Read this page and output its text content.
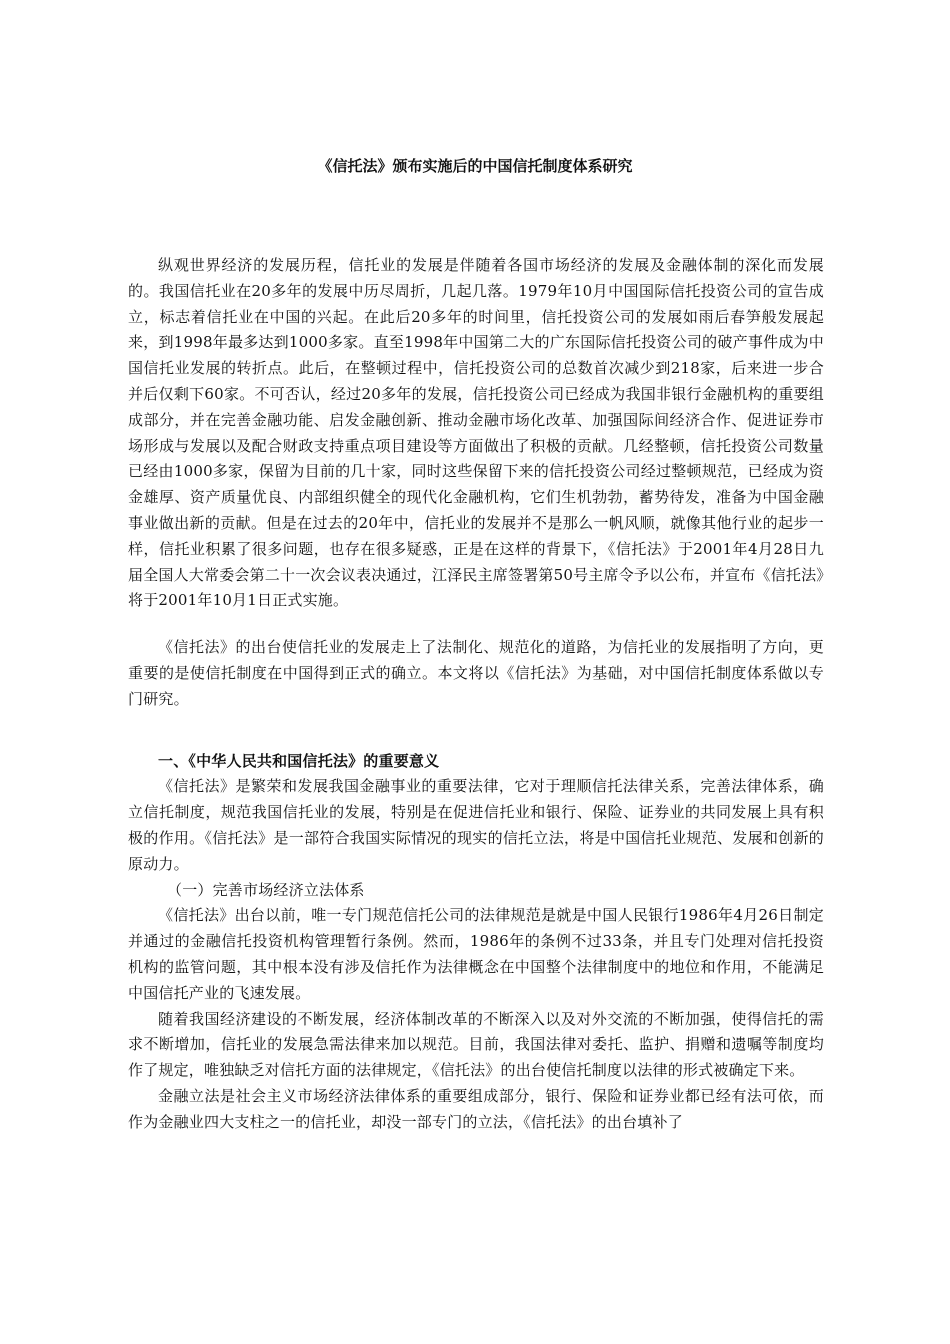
《信托法》颁布实施后的中国信托制度体系研究

纵观世界经济的发展历程，信托业的发展是伴随着各国市场经济的发展及金融体制的深化而发展的。我国信托业在20多年的发展中历尽周折，几起几落。1979年10月中国国际信托投资公司的宣告成立，标志着信托业在中国的兴起。在此后20多年的时间里，信托投资公司的发展如雨后春笋般发展起来，到1998年最多达到1000多家。直至1998年中国第二大的广东国际信托投资公司的破产事件成为中国信托业发展的转折点。此后，在整顿过程中，信托投资公司的总数首次减少到218家，后来进一步合并后仅剩下60家。不可否认，经过20多年的发展，信托投资公司已经成为我国非银行金融机构的重要组成部分，并在完善金融功能、启发金融创新、推动金融市场化改革、加强国际间经济合作、促进证券市场形成与发展以及配合财政支持重点项目建设等方面做出了积极的贡献。几经整顿，信托投资公司数量已经由1000多家，保留为目前的几十家，同时这些保留下来的信托投资公司经过整顿规范，已经成为资金雄厚、资产质量优良、内部组织健全的现代化金融机构，它们生机勃勃，蓄势待发，准备为中国金融事业做出新的贡献。但是在过去的20年中，信托业的发展并不是那么一帆风顺，就像其他行业的起步一样，信托业积累了很多问题，也存在很多疑惑，正是在这样的背景下，《信托法》于2001年4月28日九届全国人大常委会第二十一次会议表决通过，江泽民主席签署第50号主席令予以公布，并宣布《信托法》将于2001年10月1日正式实施。

《信托法》的出台使信托业的发展走上了法制化、规范化的道路，为信托业的发展指明了方向，更重要的是使信托制度在中国得到正式的确立。本文将以《信托法》为基础，对中国信托制度体系做以专门研究。

一、《中华人民共和国信托法》的重要意义

《信托法》是繁荣和发展我国金融事业的重要法律，它对于理顺信托法律关系，完善法律体系，确立信托制度，规范我国信托业的发展，特别是在促进信托业和银行、保险、证券业的共同发展上具有积极的作用。《信托法》是一部符合我国实际情况的现实的信托立法，将是中国信托业规范、发展和创新的原动力。

（一）完善市场经济立法体系

《信托法》出台以前，唯一专门规范信托公司的法律规范是就是中国人民银行1986年4月26日制定并通过的金融信托投资机构管理暂行条例。然而，1986年的条例不过33条，并且专门处理对信托投资机构的监管问题，其中根本没有涉及信托作为法律概念在中国整个法律制度中的地位和作用，不能满足中国信托产业的飞速发展。

随着我国经济建设的不断发展，经济体制改革的不断深入以及对外交流的不断加强，使得信托的需求不断增加，信托业的发展急需法律来加以规范。目前，我国法律对委托、监护、捐赠和遗嘱等制度均作了规定，唯独缺乏对信托方面的法律规定，《信托法》的出台使信托制度以法律的形式被确定下来。

金融立法是社会主义市场经济法律体系的重要组成部分，银行、保险和证券业都已经有法可依，而作为金融业四大支柱之一的信托业，却没一部专门的立法，《信托法》的出台填补了
